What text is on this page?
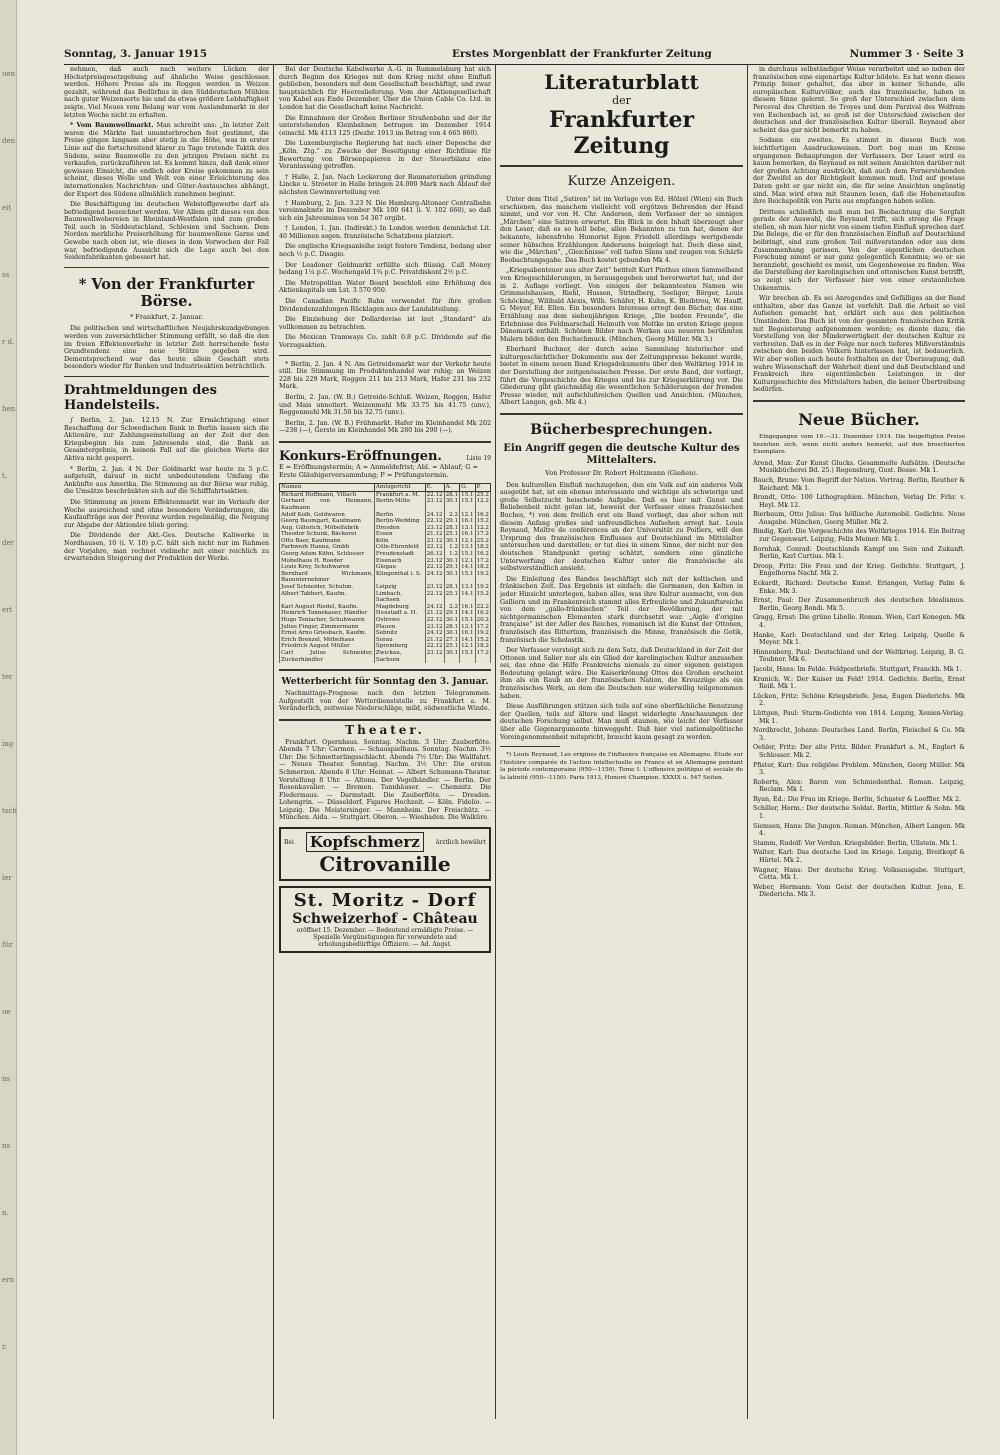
uen
den
eit
ss
r d.
hen
t.
der
ert
ter
ing
tsch
ler
für
ue
ns
ns
n.
ern
r.
Sonntag, 3. Januar 1915	Erstes Morgenblatt der Frankfurter Zeitung	Nummer 3 · Seite 3

nehmen, daß auch nach weitere Lücken der Höchstpreisgesetzgebung auf ähnliche Weise geschlossen werden. Höhere Preise als im Roggen werden in Weizen gezahlt, während das Bedürfnis in den Süddeutschen Mühlen nach guter Weizensorte hie und da etwas größere Lebhaftigkeit zeigte. Viel Neues vom Belang war vom Auslandsmarkt in der letzten Woche nicht zu erhalten.

* Vom Baumwollmarkt. Man schreibt uns: „In letzter Zeit waren die Märkte fast unumterbrochen fest gestimmt, die Preise gingen langsam aber stetig in die Höhe, was in erster Linie auf die fortschreitend klarer zu Tage tretende Taktik des Südens, seine Baumwolle zu den jetzigen Preisen nicht zu verkaufen, zurückzuführen ist. Es kommt hinzu, daß dank einer gewissen Einsicht, die endlich oder Kreise gekommen zu sein scheint, dieses Wolle und Welt von einer Erleichterung des internationalen Nachrichten- und Güter-Austausches abhängt, der Export des Südens allmählich zunehmen beginnt.

Die Beschäftigung im deutschen Webstoffgewerbe darf als befriedigend bezeichnet werden. Vor Allem gilt dieses von den Baumwollwebereien in Rheinland-Westfalen und zum großen Teil auch in Süddeutschland, Schlesien und Sachsen. Dem Norden merkliche Preiserhöhung für baumwollene Garne und Gewebe nach oben ist, wie dieses in dem Vorwochen der Fall war, befriedigende Aussicht sich die Lage auch bei den Seidenfabrikanten gebessert hat.

* Von der Frankfurter Börse.
* Frankfurt, 2. Januar.

Die politischen und wirtschaftlichen Neujahrskundgebungen werden von zuversichtlicher Stimmung erfüllt, so daß die den im freien Effektenverkehr in letzter Zeit herrschende feste Grundtendenz eine neue Stütze gegeben wird. Dementsprechend war das heute allein Geschäft stets besonders wieder für Banken und Industrieaktien beträchtlich.

Drahtmeldungen des Handelsteils.

∫ Berlin, 2. Jan. 12.15 N. Zur Ermächtigung einer Beschaffung der Schwedischen Bank in Berlin lassen sich die Aktionäre, zur Zahlungseinstellung an der Zeit der den Kriegsbeginn bis zum Jahresende sind, die Bank an Gesamtergebnis, in keinem Fall auf die gleichen Werte der Aktiva nicht gesperrt.

* Berlin, 2. Jan. 4 N. Der Goldmarkt war heute zu 5 p.C. aufgeteilt, darauf in nicht unbedeutendem Umfang die Ankünfte aus Amerika. Die Stimmung an der Börse war ruhig, die Umsätze beschränkten sich auf die Schifffahrtsaktien.

Die Stimmung an jenem Effektenmarkt war im Verlaufe der Woche ausreichend und ohne besondere Veränderungen, die Kaufaufträge aus der Provinz wurden regelmäßig, die Neigung zur Abgabe der Aktionäre blieb gering.

Die Dividende der Akt.-Ges. Deutsche Kaliwerke in Nordhausen, 10 (i. V. 10) p.C. hält sich nicht nur im Rahmen der Vorjahre, man rechnet vielmehr mit einer reichlich zu erwartenden Steigerung der Produktion der Werke.

Bei der Deutsche Kabelwerke A.-G. in Rummelsburg hat sich durch Beginn des Krieges mit dem Krieg nicht ohne Einfluß geblieben, besonders mit dem Gesellschaft beschäftigt, und zwar hauptsächlich für Heereslieferung. Vom der Aktiengesellschaft von Kabel aus Ende Dezember. Über die Union Cable Co. Ltd. in London hat die Gesellschaft keine Nachricht.

Die Einnahmen der Großen Berliner Straßenbahn und der ihr unterstehenden Kleinbahnen betrugen im Dezember 1914 (einschl. Mk 4113 125 (Dezbr. 1913 im Betrag von 4 665 860).

Die Luxemburgische Regierung hat nach einer Depesche der „Köln. Ztg.“ zu Zwecke der Beseitigung einer Richtlinie für Bewertung von Börsenpapieren in der Steuerbilanz eine Veranlassung getroffen.

† Halle, 2. Jan. Nach Lockerung der Baumaterialien gründung Lincke u. Stroeter in Halle bringen 24.000 Mark nach Ablauf der nächsten Gewinnverteilung vor.

† Hamburg, 2. Jan. 3.23 N. Die Hamburg-Altonaer Centralbahn vereinnahmte im Dezember Mk 100 641 (i. V. 102 660), so daß sich ein Jahresminus von 54 367 ergibt.

† London, 1. Jan. (Indirekt.) In London werden demnächst Lit. 40 Millionen sogen. französische Schatzbons platziert.

Die englische Kriegsanleihe zeigt festere Tendenz, bedang aber noch ½ p.C. Disagio.

Der Leadoner Goldmarkt erfüllte sich flüssig. Call Money bedang 1¼ p.C. Wochengeld 1¾ p.C. Privatdiskont 2½ p.C.

Die Metropolitan Water Board beschloß eine Erhöhung des Aktienkapitals um Lst. 3 570 950.

Die Canadian Pacific Bahn verwendet für ihre großen Dividendenzahlungen Rücklagen aus der Landabteilung.

Die Einziehung der Dollardevise ist laut „Standard“ als vollkommen zu betrachten.

Die Mexican Tramways Co. zahlt 0.8 p.C. Dividende auf die Vorzugsaktien.

* Berlin, 2. Jan. 4 N. Am Getreidemarkt war der Verkehr heute still. Die Stimmung im Produktenhandel war ruhig; an Weizen 228 bis 229 Mark, Roggen 211 bis 213 Mark, Hafer 231 bis 232 Mark.

Berlin, 2. Jan. (W. B.) Getreide-Schluß. Weizen, Roggen, Hafer und Mais unnotiert. Weizenmehl Mk 33.75 bis 41.75 (unv.), Roggenmehl Mk 31.50 bis 32.75 (unv.).

Berlin, 2. Jan. (W. B.) Frühmarkt. Hafer im Kleinhandel Mk 202—238 (—), Gerste im Kleinhandel Mk 280 bis 290 (—).

Konkurs-Eröffnungen.	Liste 19
E = Eröffnungstermin; A = Anmeldefrist; Abl. = Ablauf; G = Erste Gläubigerversammlung; P = Prüfungstermin.
Namen	Amtsgericht	E.	A.	G.	P.
Richard Hoffmann, Villach	Frankfurt a. M.	22.12	28.1	15.1	25.2
Gerhard von Heimann, Kaufmann	Berlin-Mitte	23.12	30.1	15.1	12.2
Adolf Kolb, Goldwaren	Berlin	24.12	2.2	12.1	16.2
Georg Baumgart, Kaufmann	Berlin-Wedding	22.12	29.1	16.1	15.2
Aug. Gilterich, Möbelfabrik	Dresden	23.12	28.1	13.1	12.2
Theodor Schunk, Bäckerei	Essen	21.12	25.1	16.1	17.2
Otto Baer, Kaufmann	Köln	23.12	30.1	12.1	25.2
Farbwerk Hanna, Gmbh	Cöln-Ehrenfeld	22.12	1.2	13.1	18.2
Georg Adam Kühn, Schlosser	Freudenstadt	26.12	1.2	15.1	16.2
Mobelhaus H. Roeder	Eisenach	23.12	30.1	12.1	17.2
Louis Krey, Schuhwaren	Glogau	22.12	29.1	14.1	18.2
Bernhard Wickmann, Bauunternehmer	Klingenthal i. S.	24.12	30.1	15.1	19.2
Josef Schneider, Schuhm.	Leipzig	23.12	28.1	13.1	19.2
Albert Tabbert, Kaufm.	Limbach, Sachsen	22.12	25.1	14.1	15.2
Karl August Riedel, Kaufm.	Magdeburg	24.12	2.2	16.1	22.2
Heinrich Tannekauer, Händler	Neustadt a. H.	21.12	29.1	14.1	16.2
Hugo Tenlacher, Schuhwaren	Ostrowo	22.12	30.1	15.1	20.2
Julius Finger, Zimmermann	Plauen	23.12	28.1	13.1	17.2
Ernst Arno Griesbach, Kaufm.	Sebnitz	24.12	30.1	16.1	19.2
Erich Brenzel, Möbelhaus	Sorau	21.12	27.1	14.1	15.2
Friedrich August Müller	Spremberg	22.12	25.1	12.1	18.2
Carl Julius Schneider, Zuckerhändler	Zwickau, Sachsen	23.12	30.1	15.1	17.2
Wetterbericht für Sonntag den 3. Januar.

Nachmittags-Prognose nach den letzten Telegrammen. Aufgestellt von der Wetterdienststelle zu Frankfurt a. M. Veränderlich, zeitweise Niederschläge, mild, südwestliche Winde.

Theater.

Frankfurt. Opernhaus. Sonntag. Nachm. 3 Uhr: Zauberflöte. Abends 7 Uhr: Carmen. — Schauspielhaus. Sonntag. Nachm. 3½ Uhr: Die Schmetterlingsschlacht. Abends 7½ Uhr: Die Wallfahrt. — Neues Theater. Sonntag. Nachm. 3½ Uhr: Die ersten Schmerzen. Abends 8 Uhr: Heimat. — Albert Schumann-Theater. Vorstellung 8 Uhr. — Altona. Der Vogelhändler. — Berlin. Der Rosenkavalier. — Bremen. Tannhäuser. — Chemnitz. Die Fledermaus. — Darmstadt. Die Zauberflöte. — Dresden. Lohengrin. — Düsseldorf. Figaros Hochzeit. — Köln. Fidelio. — Leipzig. Die Meistersinger. — Mannheim. Der Freischütz. — München. Aida. — Stuttgart. Oberon. — Wiesbaden. Die Walküre.

Bei Kopfschmerz	ärztlich bewährt
Citrovanille
St. Moritz - Dorf
Schweizerhof - Château
eröffnet 15. Dezember. — Bedeutend ermäßigte Preise. — Spezielle Vergünstigungen für verwundete und erholungsbedürftige Offiziere. — Ad. Angst.
Literaturblatt
der
Frankfurter Zeitung
Kurze Anzeigen.

Unter dem Titel „Satiren“ ist im Verlage von Ed. Hölzel (Wien) ein Buch erschienen, das manchem vielleicht voll ergötzen Behrenden der Hand nimmt, und vor von H. Chr. Andersen, dem Verfasser der so sinnigen „Märchen“ eine Satiren erwartet. Ein Blick in den Inhalt überzeugt aber den Leser, daß es so hell bebe, allen Bekannten zu tun hat, denen der bekannte, lebensfrohe Humorist Egon Friedell allerdings wertgebende seiner hübschen Erzählungen Andersens beigelegt hat. Doch diese sind, wie die „Märchen“, „Gleichnisse“ voll tiefen Sinns und zeugen von Schärfe Beobachtungsgabe. Das Buch kostet gebunden Mk 4.

„Kriegsabenteuer aus alter Zeit“ betitelt Kurt Pinthus einen Sammelband von Kriegsschilderungen, in herausgegeben und bevorwortet hat, und der in 2. Auflage vorliegt. Von einigen der bekanntesten Namen wie Grimmelshausen, Riehl, Hussen, Strindberg, Seeliger, Börger, Louis Schöcking, Wilibald Alexis, Wilh. Schäfer, H. Kuhn, K. Bleibtreu, W. Hauff, G. Meyer, Ed. Ellen. Ein besonders Interesse erregt den Bücher, das eine Erzählung aus dem siebenjährigen Kriege, „Die beiden Freunde“, die Erlebnisse des Feldmarschall Helmuth von Moltke im ersten Kriege gegen Dänemark enthält. Schönen Bilder nach Werken aus neueren berühmten Malern bilden den Buchschmuck. (München, Georg Müller. Mk 3.)

Eberhard Buchner, der durch seine Sammlung historischer und kulturgeschichtlicher Dokumente aus der Zeitungspresse bekannt wurde, bietet in einem neuen Band Kriegsdokumente über den Weltkrieg 1914 in der Darstellung der zeitgenössischen Presse. Der erste Band, der vorliegt, führt die Vorgeschichte des Krieges und bis zur Kriegserklärung vor. Die Gliederung gibt gleichmäßig die wesentlichen Schilderungen der fremden Presse wieder, mit aufschlußreichen Quellen und Ansichten. (München, Albert Langen, geb. Mk 4.)

Bücherbesprechungen.
Ein Angriff gegen die deutsche Kultur des Mittelalters.
Von Professor Dr. Robert Holtzmann (Gießen).

Den kulturellen Einfluß nachzugehen, den ein Volk auf ein anderes Volk ausgeübt hat, ist ein ebenso interessante und wichtige als schwierige und große Selbstzucht heischende Aufgabe. Daß es hier mit Gunst und Beliebenheit nicht getan ist, beweist der Verfasser eines französischen Buches, *) von dem freilich erst ein Band vorliegt, das aber schon mit diesem Anfang großes und unfreundliches Aufsehen erregt hat. Louis Reynaud, Maître de conférences an der Universität zu Poitiers, will den Ursprung des französischen Einflusses auf Deutschland im Mittelalter untersuchen und darstellen; er tut dies in einem Sinne, der nicht nur den deutschen Standpunkt gering schätzt, sondern eine gänzliche Unterwerfung der deutschen Kultur unter die französische als selbstverständlich ansieht.

Die Einleitung des Bandes beschäftigt sich mit der keltischen und fränkischen Zeit. Das Ergebnis ist einfach: die Germanen, den Kelten in jeder Hinsicht unterlegen, haben alles, was ihre Kultur ausmacht, von den Galliern und im Frankenreich stammt alles Erfreuliche und Zukunftsreiche von dem „gallo-fränkischen“ Teil der Bevölkerung, der mit nichtgermanischen Elementen stark durchsetzt war. „Aigle d'origine française“ ist der Adler des Reiches, romanisch ist die Kunst der Ottonen, französisch das Rittertum, französisch die Minne, französisch die Gotik, französisch die Scholastik.

Der Verfasser versteigt sich zu dem Satz, daß Deutschland in der Zeit der Ottonen und Salier nur als ein Glied der karolingischen Kultur anzusehen sei, das ohne die Hilfe Frankreichs niemals zu einer eigenen geistigen Bedeutung gelangt wäre. Die Kaiserkrönung Ottos des Großen erscheint ihm als ein Raub an der französischen Nation, die Kreuzzüge als ein französisches Werk, an dem die Deutschen nur widerwillig teilgenommen haben.

Diese Ausführungen stützen sich teils auf eine oberflächliche Benutzung der Quellen, teils auf ältere und längst widerlegte Anschauungen der deutschen Forschung selbst. Man muß staunen, wie leicht der Verfasser über alle Gegenargumente hinweggeht. Daß hier viel nationalpolitische Voreingenommenheit mitspricht, braucht kaum gesagt zu werden.

*) Louis Reynaud, Les origines de l'influence française en Allemagne. Étude sur l'histoire comparée de l'action intellectuelle en France et en Allemagne pendant la période contemporaine (950—1150). Tome I: L'offensive politique et sociale de la latinité (950—1150). Paris 1913, Honoré Champion. XXXIX u. 547 Seiten.

in durchaus selbständiger Weise verarbeitet und so neben der französischen eine eigenartige Kultur bildete. Es hat wenn dieses Prinzip feiner gehaltet, das aber in keiner Schande, alle europäischen Kulturvölker, auch das französische, haben in diesem Sinne gelernt. So groß der Unterschied zwischen dem Perceval des Chrétien de Troyes und dem Parzival des Wolfram von Eschenbach ist, so groß ist der Unterschied zwischen der deutschen und der französischen Kultur überall. Reynaud aber scheint das gar nicht bemerkt zu haben.

Sodann ein zweites. Es stimmt in diesem Buch von leichtfertigen Ausdrucksweisen. Dort bog man im Kreise ergangenen Behauptungen der Verfassers. Der Leser wird es kaum bemerken, da Reynaud es mit seinen Ansichten darüber mit der großen Achtung ausdrückt, daß auch dem Fernerstehenden der Zweifel an der Richtigkeit kommen muß. Und auf gewisse Daten geht er gar nicht ein, die für seine Ansichten ungünstig sind. Man wird etwa mit Staunen lesen, daß die Hohenstaufen ihre Reichspolitik von Paris aus empfangen haben sollen.

Drittens schließlich muß man bei Beobachtung die Sorgfalt gerade der Auswahl, die Reynaud trifft, sich streng die Frage stellen, ob man hier nicht von einem tiefen Einfluß sprechen darf. Die Belege, die er für den französischen Einfluß auf Deutschland beibringt, sind zum großen Teil mißverstanden oder aus dem Zusammenhang gerissen. Von der eigentlichen deutschen Forschung nimmt er nur ganz gelegentlich Kenntnis; wo er sie heranzieht, geschieht es meist, um Gegenbeweise zu finden. Was die Darstellung der karolingischen und ottonischen Kunst betrifft, so zeigt sich der Verfasser hier von einer erstaunlichen Unkenntnis.

Wir brechen ab. Es sei Anregendes und Gefälliges an der Band enthalten, aber das Ganze ist verfehlt. Daß die Arbeit so viel Aufsehen gemacht hat, erklärt sich aus den politischen Umständen. Das Buch ist von der gesamten französischen Kritik mit Begeisterung aufgenommen worden; es diente dazu, die Vorstellung von der Minderwertigkeit der deutschen Kultur zu verbreiten. Daß es in der Folge nur noch tieferes Mißverständnis zwischen den beiden Völkern hinterlassen hat, ist bedauerlich. Wir aber wollen auch heute festhalten an der Überzeugung, daß wahre Wissenschaft der Wahrheit dient und daß Deutschland und Frankreich ihre eigentümlichen Leistungen in der Kulturgeschichte des Mittelalters haben, die keiner Übertreibung bedürfen.

Neue Bücher.

Eingegangen vom 16.—31. Dezember 1914. Die beigefügten Preise beziehen sich, wenn nicht anders bemerkt, auf den broschierten Exemplare.

Arend, Max: Zur Kunst Glucks. Gesammelte Aufsätze. (Deutsche Musikbücherei Bd. 25.) Regensburg, Gust. Bosse. Mk 1.

Bauch, Bruno: Vom Begriff der Nation. Vortrag. Berlin, Reuther & Reichard. Mk 1.

Brandt, Otto: 100 Lithographien. München, Verlag Dr. Frhr. v. Heyl. Mk 12.

Bierbaum, Otto Julius: Das höllische Automobil. Gedichte. Neue Ausgabe. München, Georg Müller. Mk 2.

Bindig, Karl: Die Vorgeschichte des Weltkrieges 1914. Ein Beitrag zur Gegenwart. Leipzig, Felix Meiner. Mk 1.

Bornhak, Conrad: Deutschlands Kampf um Sein und Zukunft. Berlin, Karl Curtius. Mk 1.

Droop, Fritz: Die Frau und der Krieg. Gedichte. Stuttgart, J. Engelhorns Nachf. Mk 2.

Eckardt, Richard: Deutsche Kunst. Erlangen, Verlag Palm & Enke. Mk 3.

Ernst, Paul: Der Zusammenbruch des deutschen Idealismus. Berlin, Georg Bondi. Mk 5.

Gragg, Ernst: Die grüne Libelle. Roman. Wien, Carl Konegen. Mk 4.

Hanke, Karl: Deutschland und der Krieg. Leipzig, Quelle & Meyer. Mk 1.

Hinnenberg, Paul: Deutschland und der Weltkrieg. Leipzig, B. G. Teubner. Mk 6.

Jacobi, Hans: Im Felde. Feldpostbriefe. Stuttgart, Franckh. Mk 1.

Kranich, W.: Der Kaiser im Feld! 1914. Gedichte. Berlin, Ernst Reiß. Mk 1.

Lücken, Fritz: Schöne Kriegsbriefe. Jena, Eugen Diederichs. Mk 2.

Lüttgen, Paul: Sturm-Gedichte von 1914. Leipzig, Xenien-Verlag. Mk 1.

Nordbrecht, Johann: Deutsches Land. Berlin, Fleischel & Co. Mk 3.

Oehler, Fritz: Der alte Fritz. Bilder. Frankfurt a. M., Englert & Schlosser. Mk 2.

Pfister, Kurt: Das religiöse Problem. München, Georg Müller. Mk 3.

Roberts, Alex: Baron von Schmiedenthal. Roman. Leipzig, Reclam. Mk 1.

Ryan, Ed.: Die Frau im Kriege. Berlin, Schuster & Loeffler. Mk 2.

Schiller, Herm.: Der deutsche Soldat. Berlin, Mittler & Sohn. Mk 1.

Siemsen, Hans: Die Jungen. Roman. München, Albert Langen. Mk 4.

Stamm, Rudolf: Vor Verdun. Kriegsbilder. Berlin, Ullstein. Mk 1.

Walter, Karl: Das deutsche Lied im Kriege. Leipzig, Breitkopf & Härtel. Mk 2.

Wagner, Hans: Der deutsche Krieg. Volksausgabe. Stuttgart, Cotta. Mk 1.

Weber, Hermann: Vom Geist der deutschen Kultur. Jena, E. Diederichs. Mk 3.
